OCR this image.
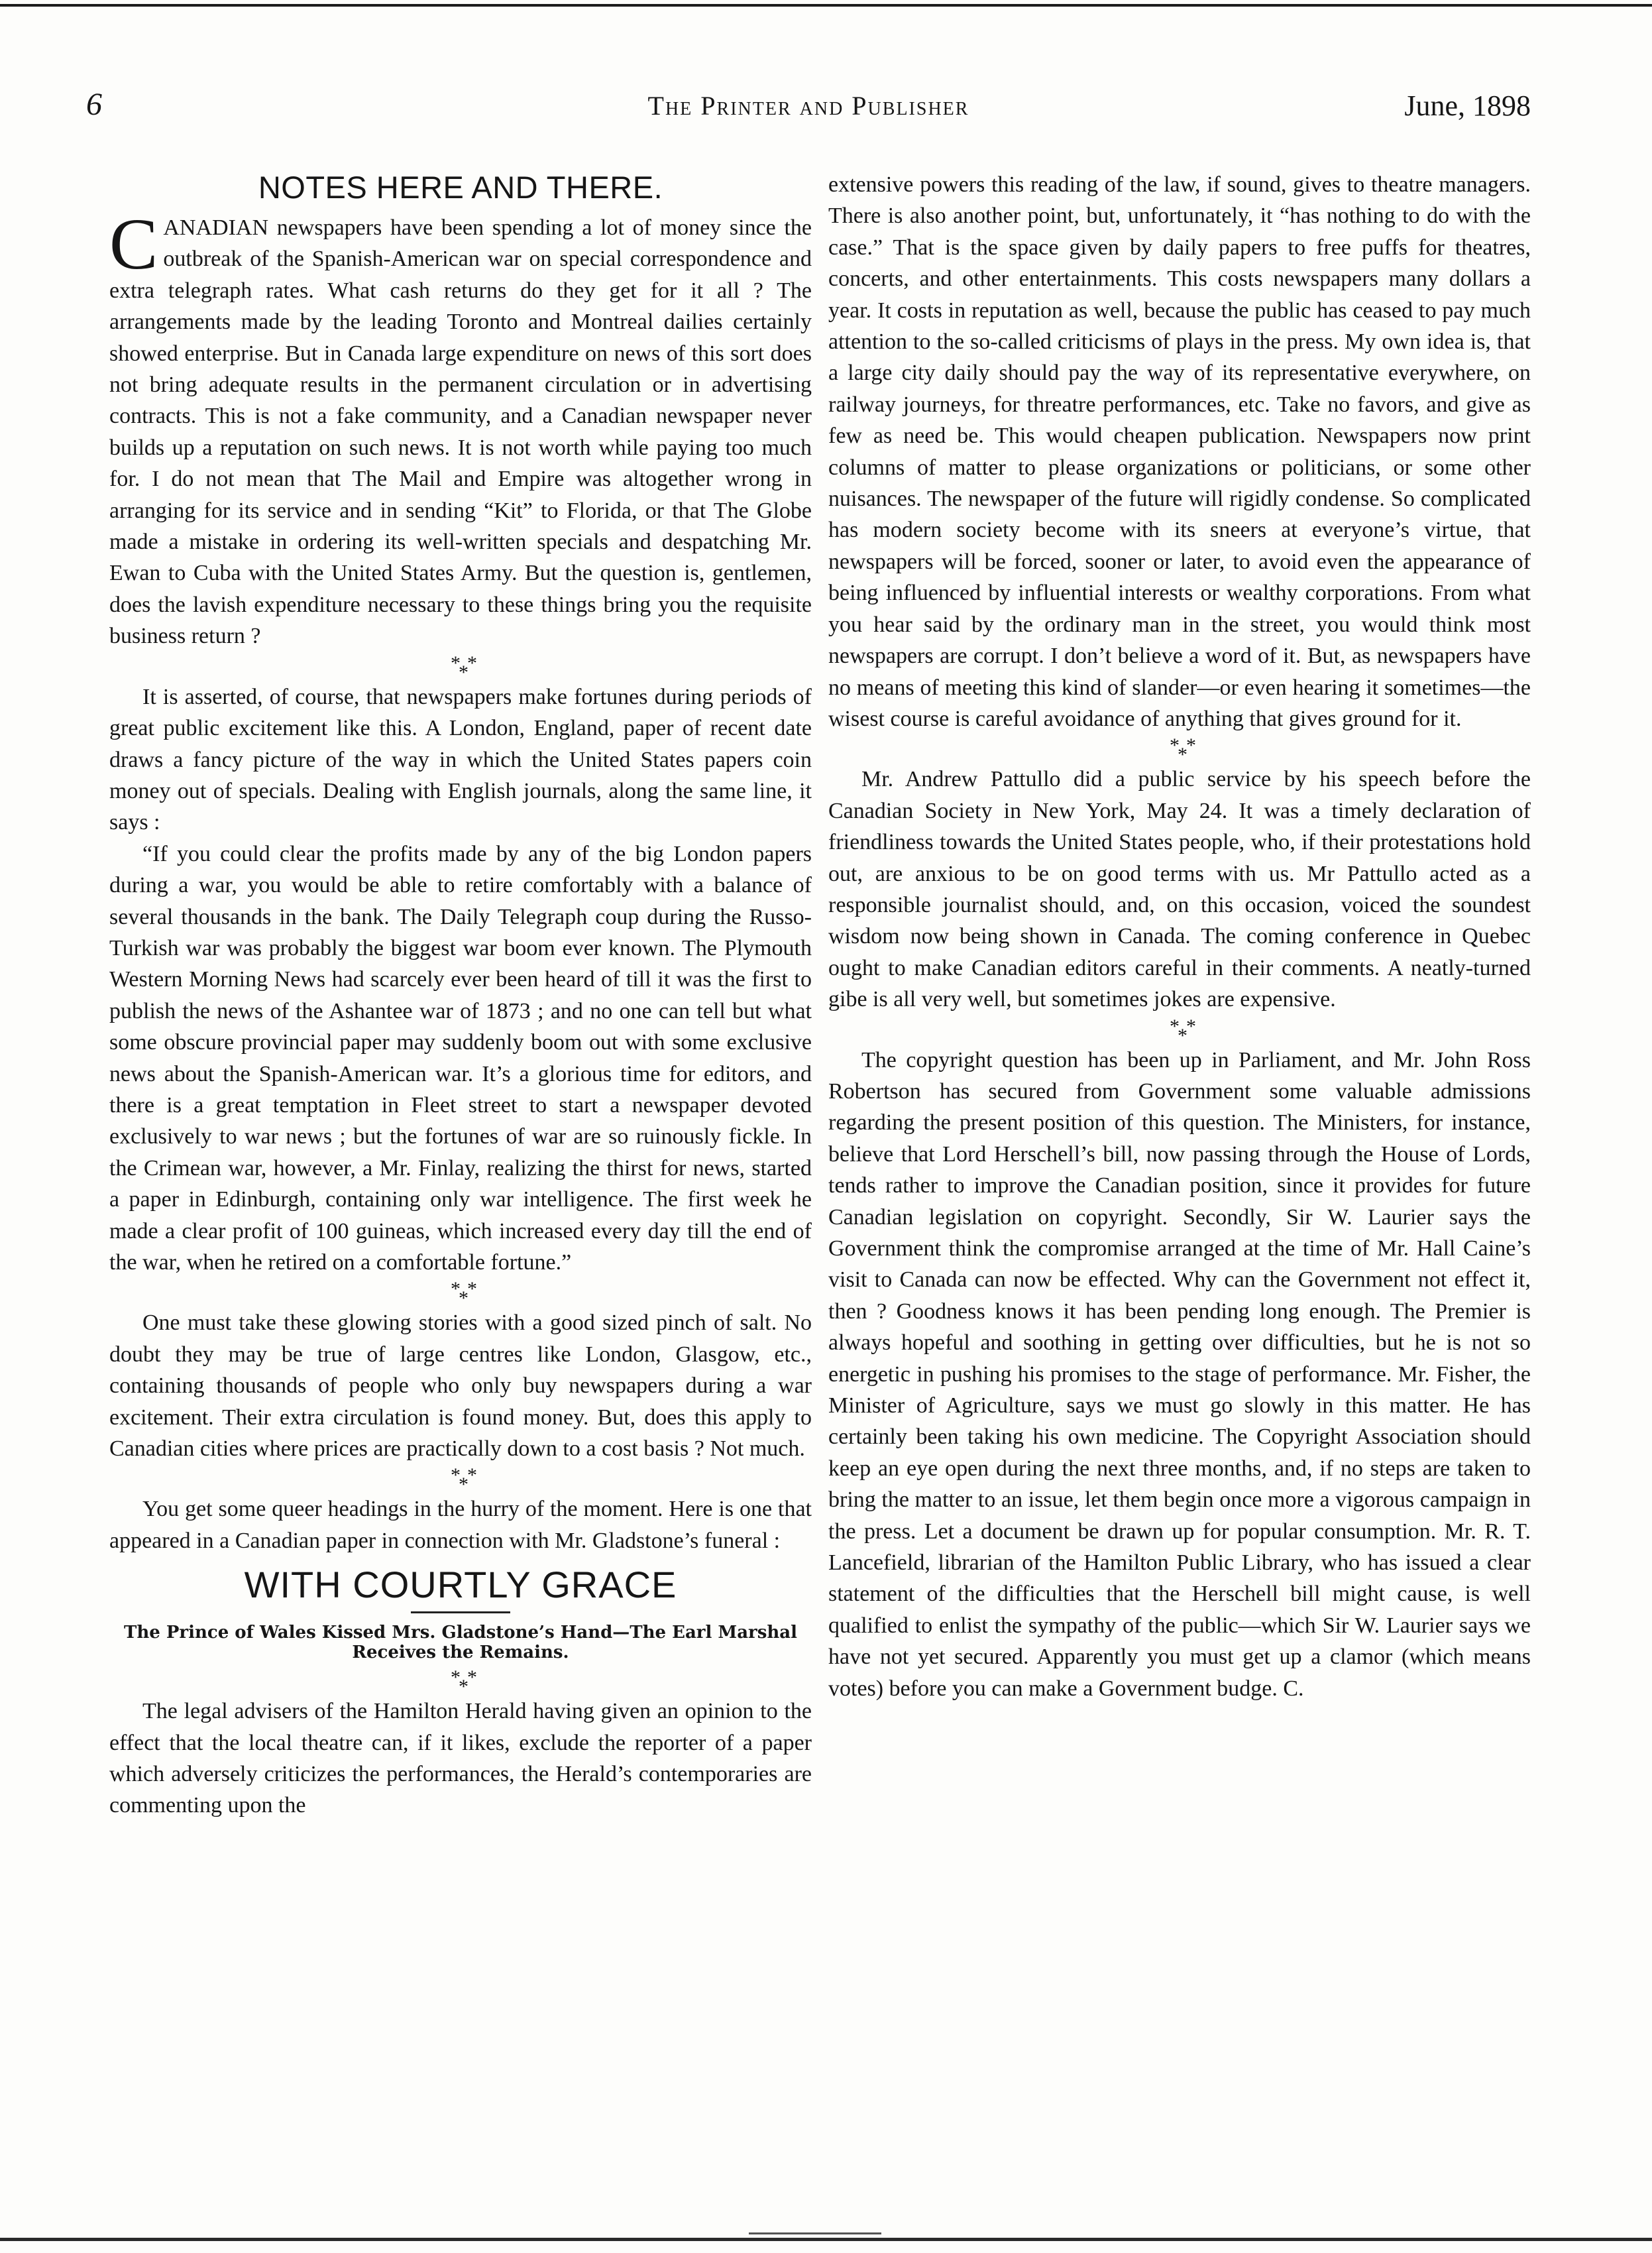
6	The Printer and Publisher	June, 1898
NOTES HERE AND THERE.

CANADIAN newspapers have been spending a lot of money since the outbreak of the Spanish-American war on special correspondence and extra telegraph rates. What cash returns do they get for it all ? The arrangements made by the leading Toronto and Montreal dailies certainly showed enterprise. But in Canada large expenditure on news of this sort does not bring adequate results in the permanent circulation or in advertising contracts. This is not a fake community, and a Canadian newspaper never builds up a reputation on such news. It is not worth while paying too much for. I do not mean that The Mail and Empire was altogether wrong in arranging for its service and in sending “Kit” to Florida, or that The Globe made a mistake in ordering its well-written specials and despatching Mr. Ewan to Cuba with the United States Army. But the question is, gentlemen, does the lavish expenditure necessary to these things bring you the requisite business return ?

* *
*

It is asserted, of course, that newspapers make fortunes during periods of great public excitement like this. A London, England, paper of recent date draws a fancy picture of the way in which the United States papers coin money out of specials. Dealing with English journals, along the same line, it says :

“If you could clear the profits made by any of the big London papers during a war, you would be able to retire comfortably with a balance of several thousands in the bank. The Daily Telegraph coup during the Russo-Turkish war was probably the biggest war boom ever known. The Plymouth Western Morning News had scarcely ever been heard of till it was the first to publish the news of the Ashantee war of 1873 ; and no one can tell but what some obscure provincial paper may suddenly boom out with some exclusive news about the Spanish-American war. It’s a glorious time for editors, and there is a great temptation in Fleet street to start a newspaper devoted exclusively to war news ; but the fortunes of war are so ruinously fickle. In the Crimean war, however, a Mr. Finlay, realizing the thirst for news, started a paper in Edinburgh, containing only war intelligence. The first week he made a clear profit of 100 guineas, which increased every day till the end of the war, when he retired on a comfortable fortune.”

* *
*

One must take these glowing stories with a good sized pinch of salt. No doubt they may be true of large centres like London, Glasgow, etc., containing thousands of people who only buy newspapers during a war excitement. Their extra circulation is found money. But, does this apply to Canadian cities where prices are practically down to a cost basis ? Not much.

* *
*

You get some queer headings in the hurry of the moment. Here is one that appeared in a Canadian paper in connection with Mr. Gladstone’s funeral :

WITH COURTLY GRACE
The Prince of Wales Kissed Mrs. Gladstone’s Hand—The Earl Marshal Receives the Remains.
* *
*

The legal advisers of the Hamilton Herald having given an opinion to the effect that the local theatre can, if it likes, exclude the reporter of a paper which adversely criticizes the performances, the Herald’s contemporaries are commenting upon the

extensive powers this reading of the law, if sound, gives to theatre managers. There is also another point, but, unfortunately, it “has nothing to do with the case.” That is the space given by daily papers to free puffs for theatres, concerts, and other entertainments. This costs newspapers many dollars a year. It costs in reputation as well, because the public has ceased to pay much attention to the so-called criticisms of plays in the press. My own idea is, that a large city daily should pay the way of its representative everywhere, on railway journeys, for threatre performances, etc. Take no favors, and give as few as need be. This would cheapen publication. Newspapers now print columns of matter to please organizations or politicians, or some other nuisances. The newspaper of the future will rigidly condense. So complicated has modern society become with its sneers at everyone’s virtue, that newspapers will be forced, sooner or later, to avoid even the appearance of being influenced by influential interests or wealthy corporations. From what you hear said by the ordinary man in the street, you would think most newspapers are corrupt. I don’t believe a word of it. But, as newspapers have no means of meeting this kind of slander—or even hearing it sometimes—the wisest course is careful avoidance of anything that gives ground for it.

* *
*

Mr. Andrew Pattullo did a public service by his speech before the Canadian Society in New York, May 24. It was a timely declaration of friendliness towards the United States people, who, if their protestations hold out, are anxious to be on good terms with us. Mr Pattullo acted as a responsible journalist should, and, on this occasion, voiced the soundest wisdom now being shown in Canada. The coming conference in Quebec ought to make Canadian editors careful in their comments. A neatly-turned gibe is all very well, but sometimes jokes are expensive.

* *
*

The copyright question has been up in Parliament, and Mr. John Ross Robertson has secured from Government some valuable admissions regarding the present position of this question. The Ministers, for instance, believe that Lord Herschell’s bill, now passing through the House of Lords, tends rather to improve the Canadian position, since it provides for future Canadian legislation on copyright. Secondly, Sir W. Laurier says the Government think the compromise arranged at the time of Mr. Hall Caine’s visit to Canada can now be effected. Why can the Government not effect it, then ? Goodness knows it has been pending long enough. The Premier is always hopeful and soothing in getting over difficulties, but he is not so energetic in pushing his promises to the stage of performance. Mr. Fisher, the Minister of Agriculture, says we must go slowly in this matter. He has certainly been taking his own medicine. The Copyright Association should keep an eye open during the next three months, and, if no steps are taken to bring the matter to an issue, let them begin once more a vigorous campaign in the press. Let a document be drawn up for popular consumption. Mr. R. T. Lancefield, librarian of the Hamilton Public Library, who has issued a clear statement of the difficulties that the Herschell bill might cause, is well qualified to enlist the sympathy of the public—which Sir W. Laurier says we have not yet secured. Apparently you must get up a clamor (which means votes) before you can make a Government budge. C.
